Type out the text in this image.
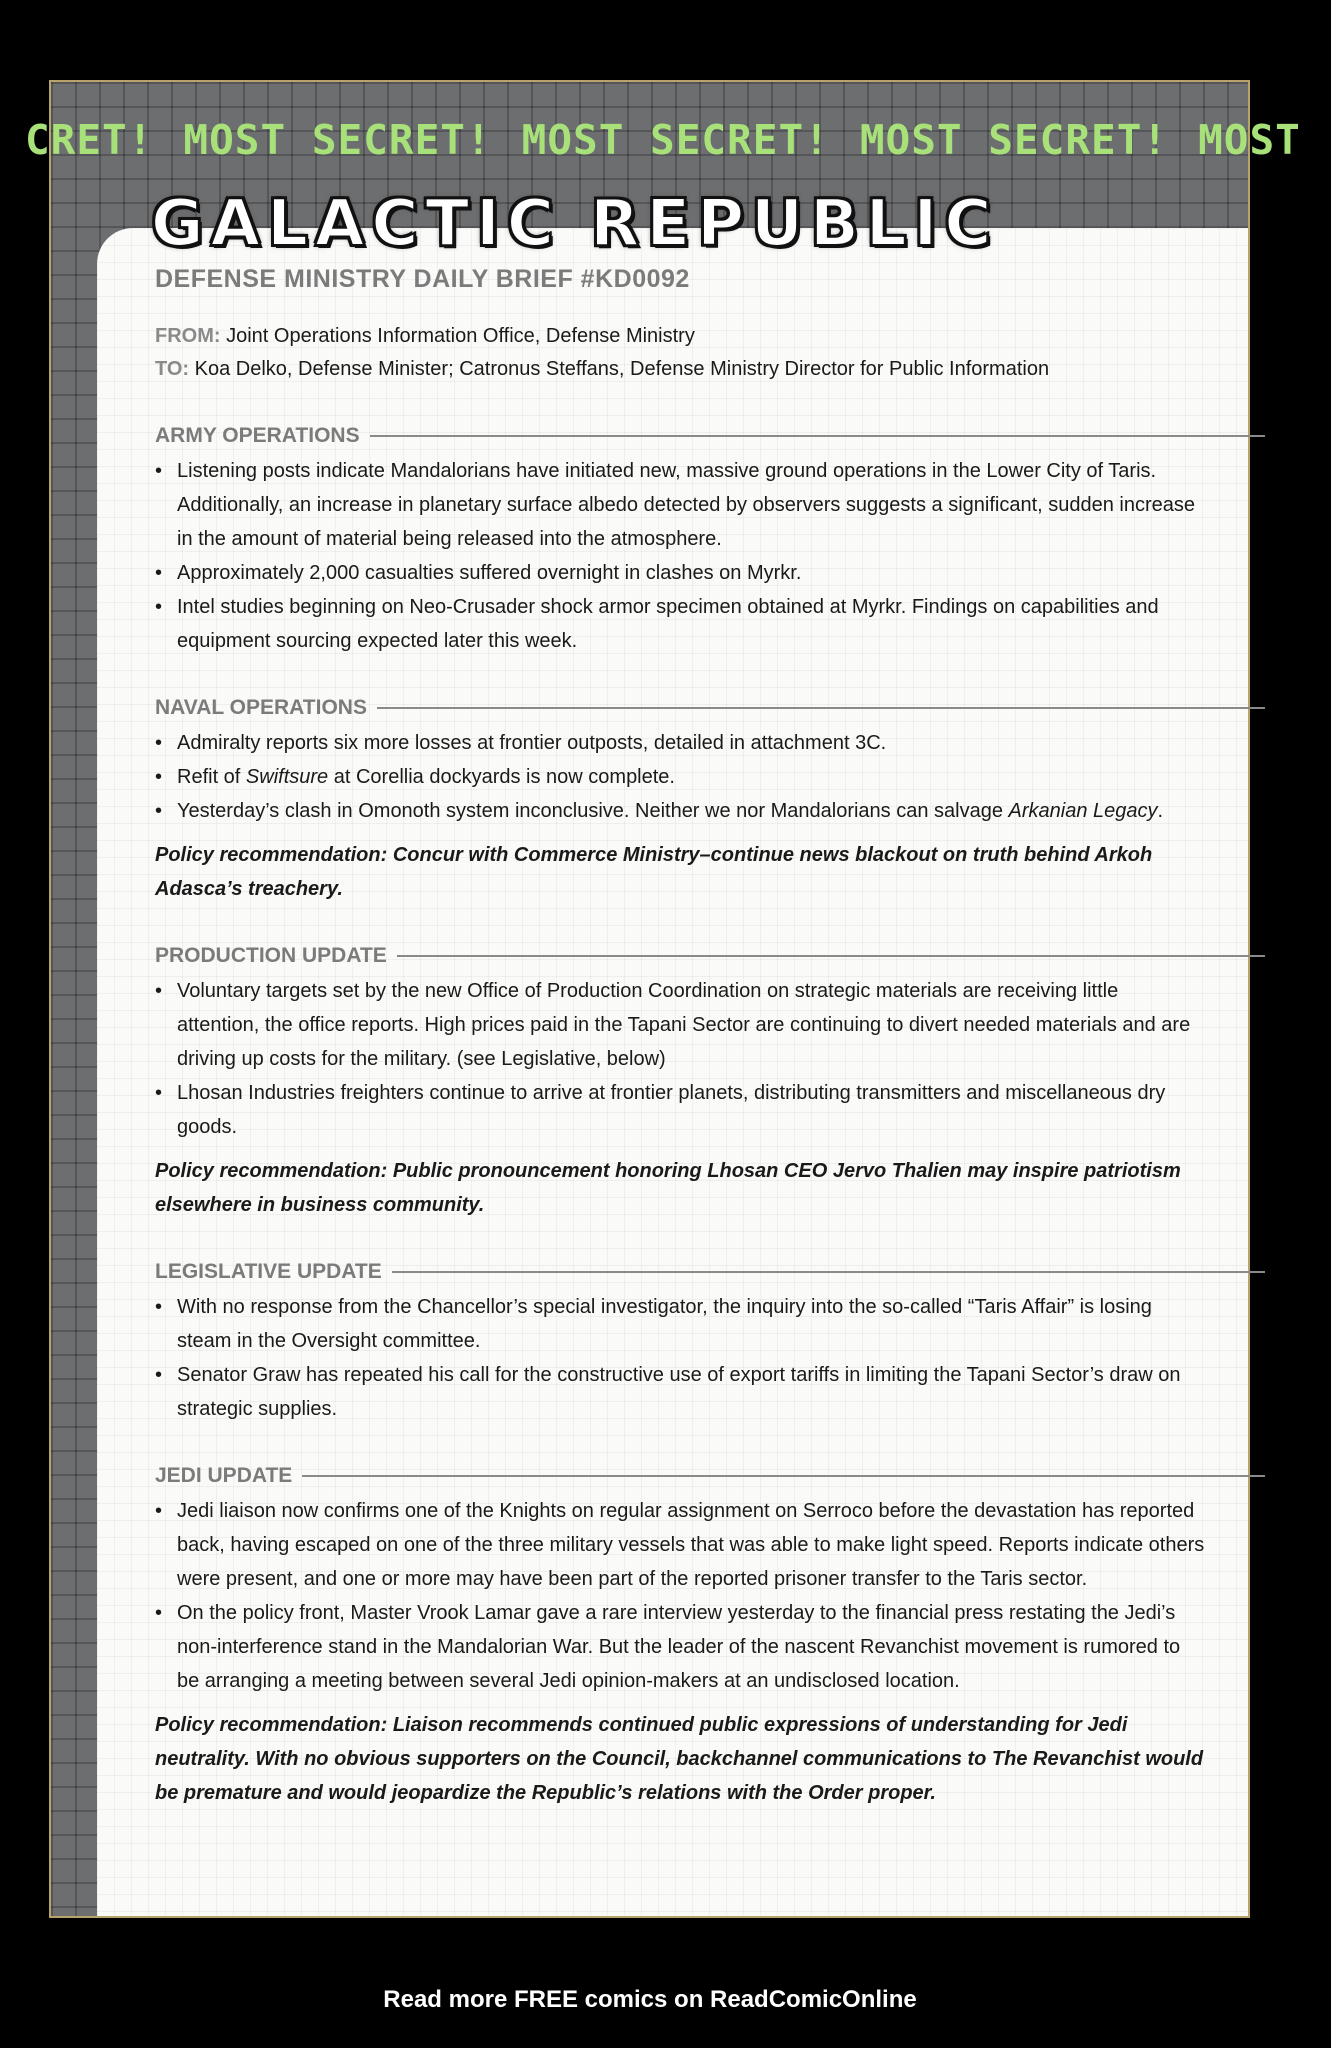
CRET! MOST SECRET! MOST SECRET! MOST SECRET! MOST
GALACTIC REPUBLIC
DEFENSE MINISTRY DAILY BRIEF #KD0092

FROM: Joint Operations Information Office, Defense Ministry

TO: Koa Delko, Defense Minister; Catronus Steffans, Defense Ministry Director for Public Information

ARMY OPERATIONS
• Listening posts indicate Mandalorians have initiated new, massive ground operations in the Lower City of Taris. Additionally, an increase in planetary surface albedo detected by observers suggests a significant, sudden increase in the amount of material being released into the atmosphere.
• Approximately 2,000 casualties suffered overnight in clashes on Myrkr.
• Intel studies beginning on Neo-Crusader shock armor specimen obtained at Myrkr. Findings on capabilities and equipment sourcing expected later this week.
NAVAL OPERATIONS
• Admiralty reports six more losses at frontier outposts, detailed in attachment 3C.
• Refit of Swiftsure at Corellia dockyards is now complete.
• Yesterday’s clash in Omonoth system inconclusive. Neither we nor Mandalorians can salvage Arkanian Legacy.
Policy recommendation: Concur with Commerce Ministry–continue news blackout on truth behind Arkoh Adasca’s treachery.
PRODUCTION UPDATE
• Voluntary targets set by the new Office of Production Coordination on strategic materials are receiving little attention, the office reports. High prices paid in the Tapani Sector are continuing to divert needed materials and are driving up costs for the military. (see Legislative, below)
• Lhosan Industries freighters continue to arrive at frontier planets, distributing transmitters and miscellaneous dry goods.
Policy recommendation: Public pronouncement honoring Lhosan CEO Jervo Thalien may inspire patriotism elsewhere in business community.
LEGISLATIVE UPDATE
• With no response from the Chancellor’s special investigator, the inquiry into the so-called “Taris Affair” is losing steam in the Oversight committee.
• Senator Graw has repeated his call for the constructive use of export tariffs in limiting the Tapani Sector’s draw on strategic supplies.
JEDI UPDATE
• Jedi liaison now confirms one of the Knights on regular assignment on Serroco before the devastation has reported back, having escaped on one of the three military vessels that was able to make light speed. Reports indicate others were present, and one or more may have been part of the reported prisoner transfer to the Taris sector.
• On the policy front, Master Vrook Lamar gave a rare interview yesterday to the financial press restating the Jedi’s non-interference stand in the Mandalorian War. But the leader of the nascent Revanchist movement is rumored to be arranging a meeting between several Jedi opinion-makers at an undisclosed location.
Policy recommendation: Liaison recommends continued public expressions of understanding for Jedi neutrality. With no obvious supporters on the Council, backchannel communications to The Revanchist would be premature and would jeopardize the Republic’s relations with the Order proper.
Read more FREE comics on ReadComicOnline
